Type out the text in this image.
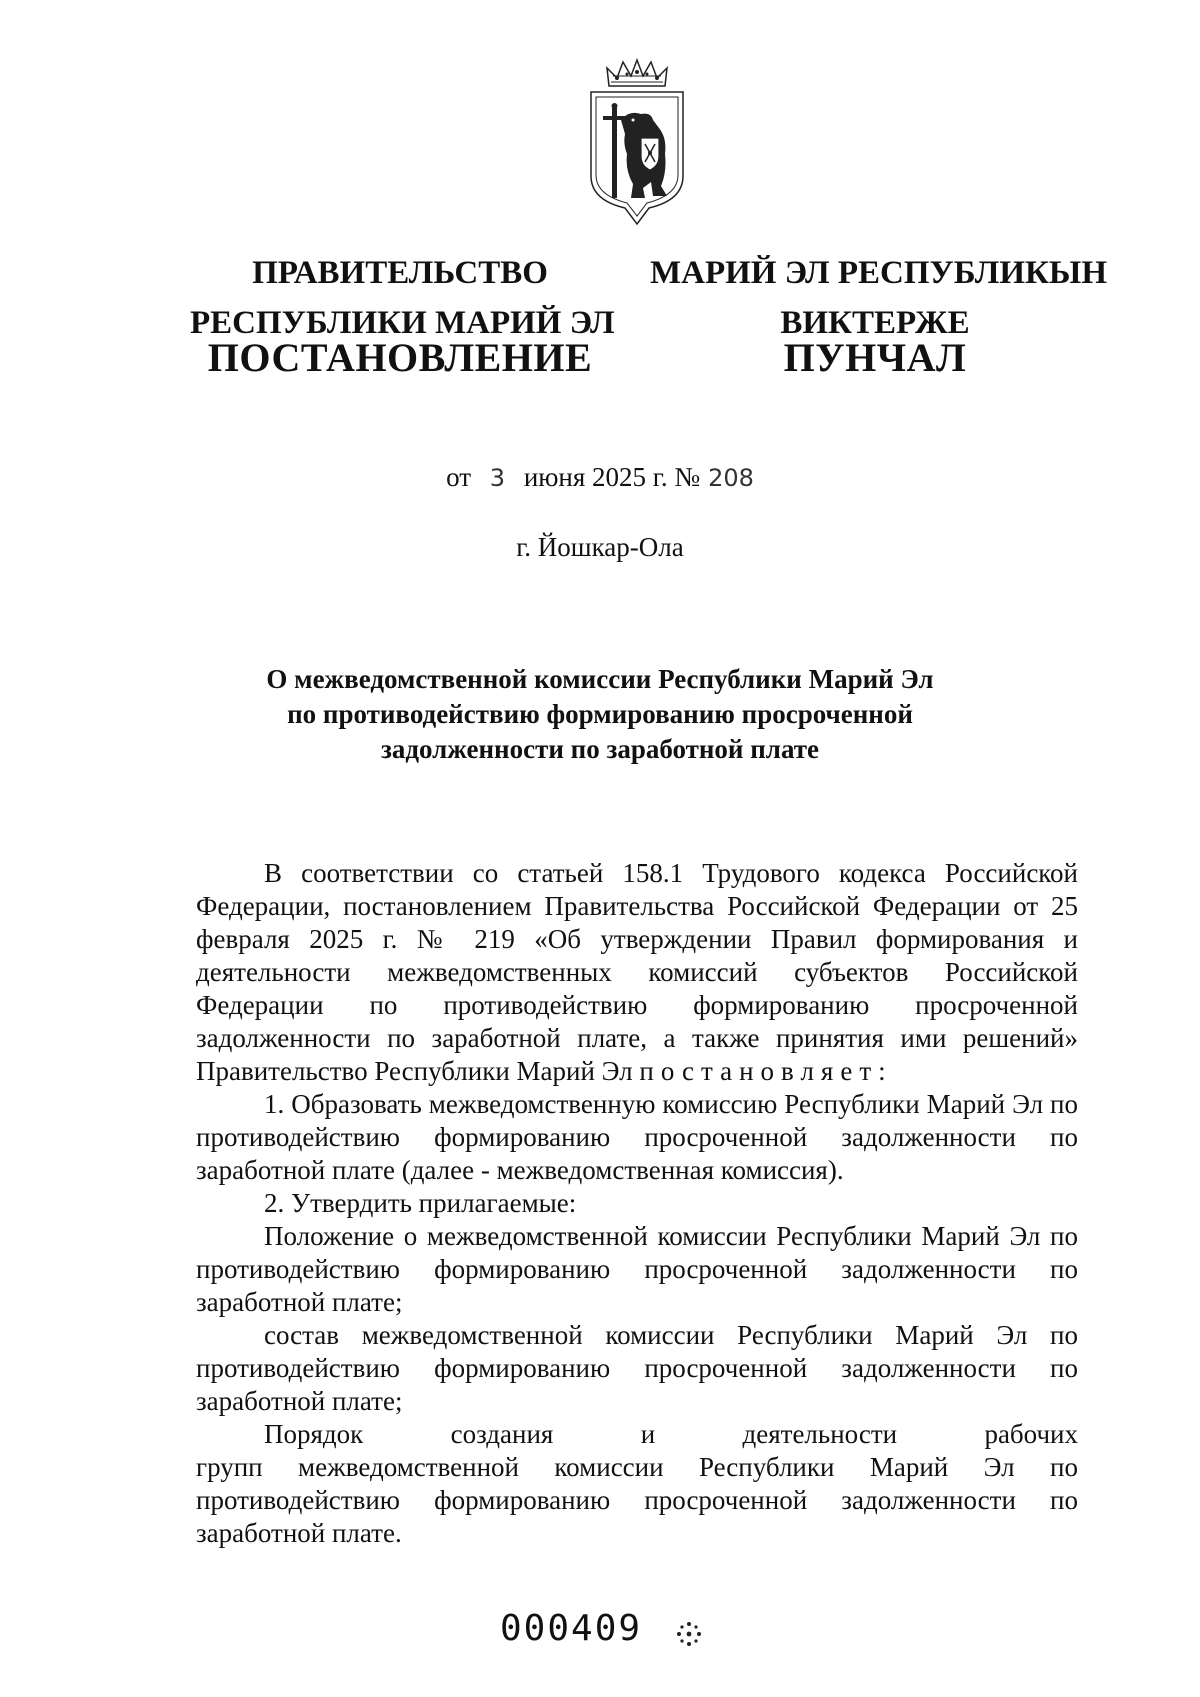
ПРАВИТЕЛЬСТВО
РЕСПУБЛИКИ МАРИЙ ЭЛ
ПОСТАНОВЛЕНИЕ
МАРИЙ ЭЛ РЕСПУБЛИКЫН
ВИКТЕРЖЕ
ПУНЧАЛ
от 3 июня 2025 г. № 208
г. Йошкар-Ола
О межведомственной комиссии Республики Марий Эл
по противодействию формированию просроченной
задолженности по заработной плате

В соответствии со статьей 158.1 Трудового кодекса Российской Федерации, постановлением Правительства Российской Федерации от 25 февраля 2025 г. № 219 «Об утверждении Правил формирования и деятельности межведомственных комиссий субъектов Российской Федерации по противодействию формированию просроченной задолженности по заработной плате, а также принятия ими решений» Правительство Республики Марий Эл постановляет:

1. Образовать межведомственную комиссию Республики Марий Эл по противодействию формированию просроченной задолженности по заработной плате (далее - межведомственная комиссия).

2. Утвердить прилагаемые:

Положение о межведомственной комиссии Республики Марий Эл по противодействию формированию просроченной задолженности по заработной плате;

состав межведомственной комиссии Республики Марий Эл по противодействию формированию просроченной задолженности по заработной плате;

Порядок создания и деятельности рабочих

групп межведомственной комиссии Республики Марий Эл по противодействию формированию просроченной задолженности по заработной плате.

000409
